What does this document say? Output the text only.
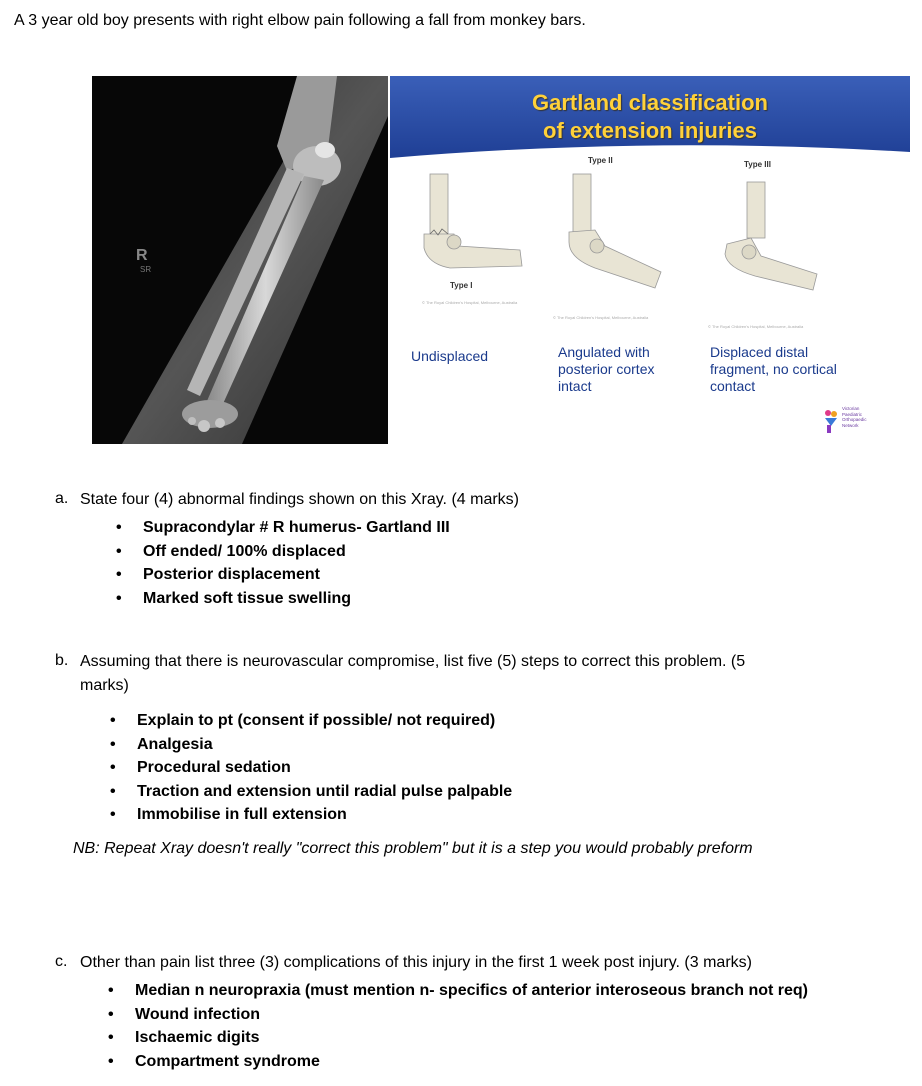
A 3 year old boy presents with right elbow pain following a fall from monkey bars.
R
SR
Gartland classification
of extension injuries
Type II	Type III
Type I
© The Royal Children's Hospital, Melbourne, Australia
© The Royal Children's Hospital, Melbourne, Australia
© The Royal Children's Hospital, Melbourne, Australia
Undisplaced	Angulated with posterior cortex intact
Displaced distal fragment, no cortical contact
Victorian
Paediatric
Orthopaedic
Network
a. State four (4) abnormal findings shown on this Xray. (4 marks)
• Supracondylar # R humerus- Gartland III
• Off ended/ 100% displaced
• Posterior displacement
• Marked soft tissue swelling
b. Assuming that there is neurovascular compromise, list five (5) steps to correct this problem. (5
marks)
• Explain to pt (consent if possible/ not required)
• Analgesia
• Procedural sedation
• Traction and extension until radial pulse palpable
• Immobilise in full extension
NB: Repeat Xray doesn't really "correct this problem" but it is a step you would probably preform
c. Other than pain list three (3) complications of this injury in the first 1 week post injury. (3 marks)
• Median n neuropraxia (must mention n- specifics of anterior interoseous branch not req)
• Wound infection
• Ischaemic digits
• Compartment syndrome
